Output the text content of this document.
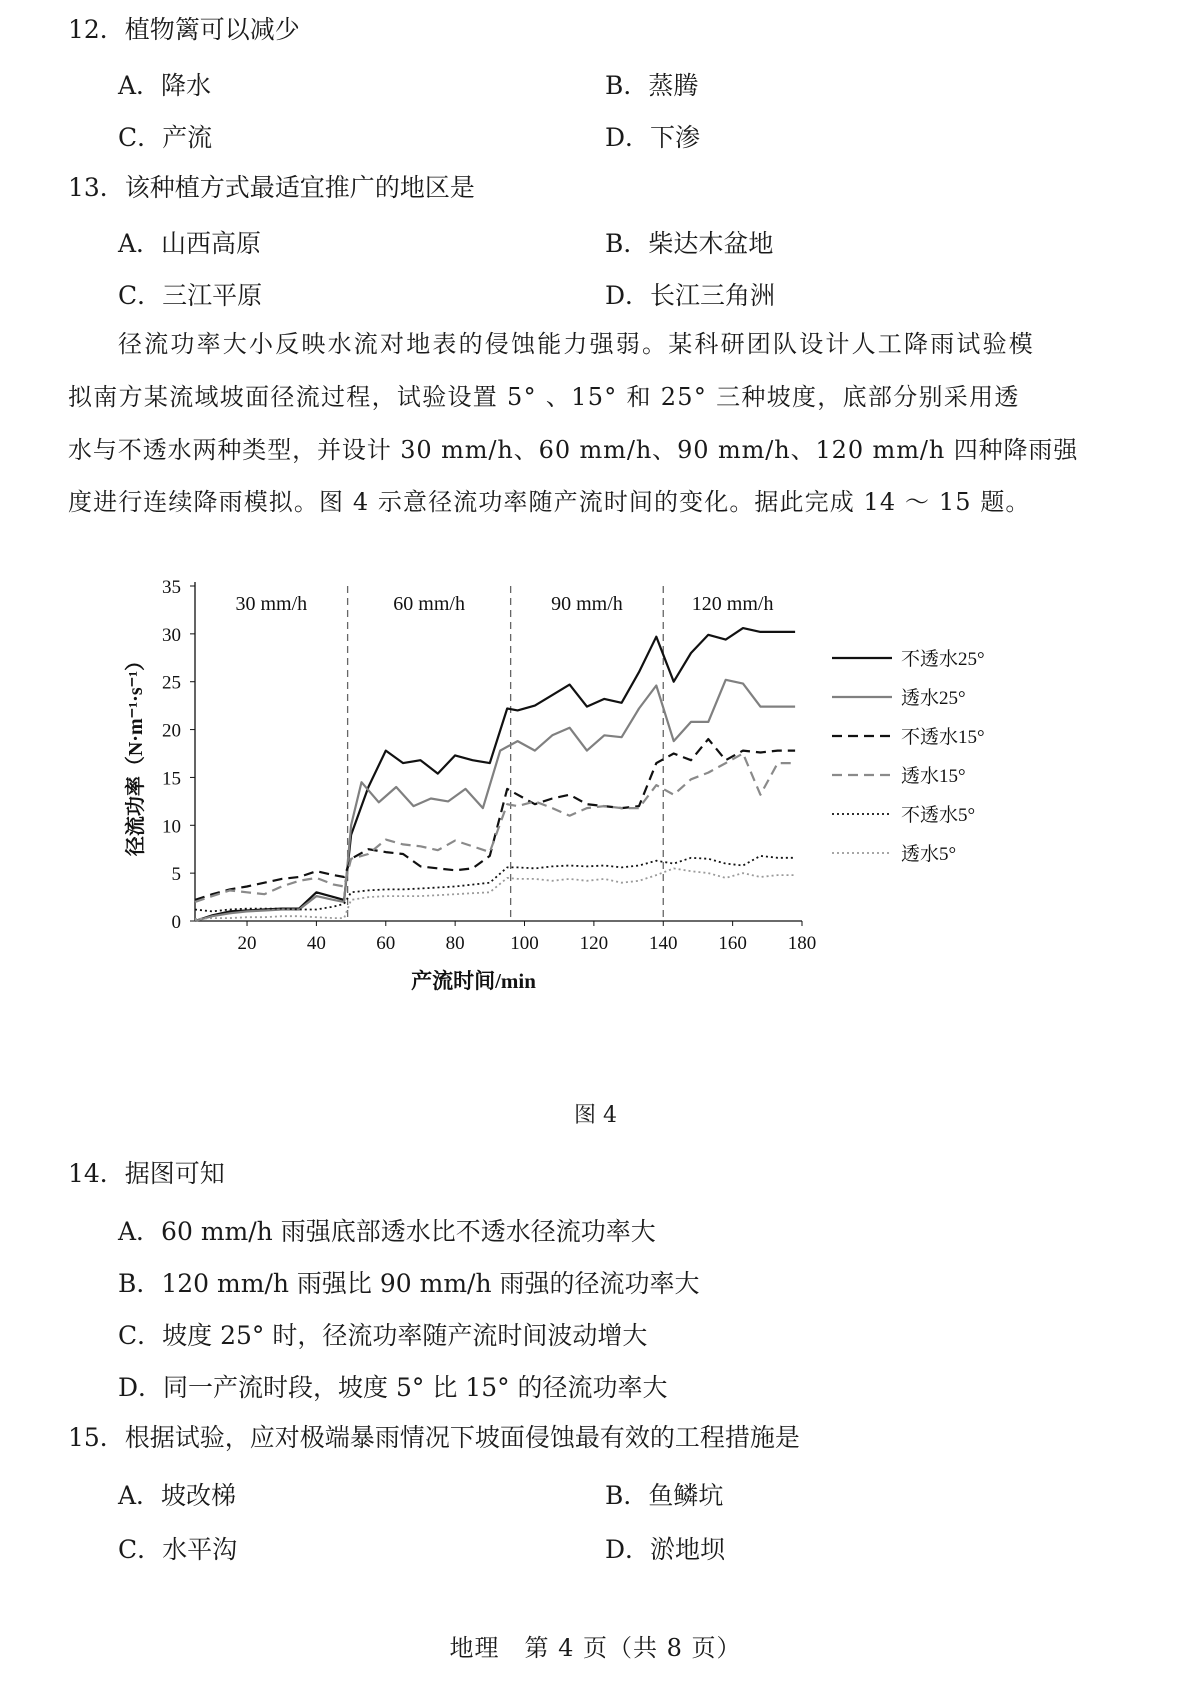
12．植物篱可以减少
A．降水	B．蒸腾
C．产流	D．下渗
13．该种植方式最适宜推广的地区是
A．山西高原	B．柴达木盆地
C．三江平原	D．长江三角洲
径流功率大小反映水流对地表的侵蚀能力强弱。某科研团队设计人工降雨试验模
拟南方某流域坡面径流过程，试验设置 5° 、15° 和 25° 三种坡度，底部分别采用透
水与不透水两种类型，并设计 30 mm/h、60 mm/h、90 mm/h、120 mm/h 四种降雨强
度进行连续降雨模拟。图 4 示意径流功率随产流时间的变化。据此完成 14 ～ 15 题。
0
5
10
15
20
25
30
35
20	40	60	80 100 120 140 160 180
产流时间/min
径流功率（N·m⁻¹·s⁻¹）
30 mm/h	60 mm/h	90 mm/h	120 mm/h
不透水25°
透水25°
不透水15°
透水15°
不透水5°
透水5°
图 4
14．据图可知
A．60 mm/h 雨强底部透水比不透水径流功率大
B．120 mm/h 雨强比 90 mm/h 雨强的径流功率大
C．坡度 25° 时，径流功率随产流时间波动增大
D．同一产流时段，坡度 5° 比 15° 的径流功率大
15．根据试验，应对极端暴雨情况下坡面侵蚀最有效的工程措施是
A．坡改梯	B．鱼鳞坑
C．水平沟	D．淤地坝
地理　第 4 页（共 8 页）
